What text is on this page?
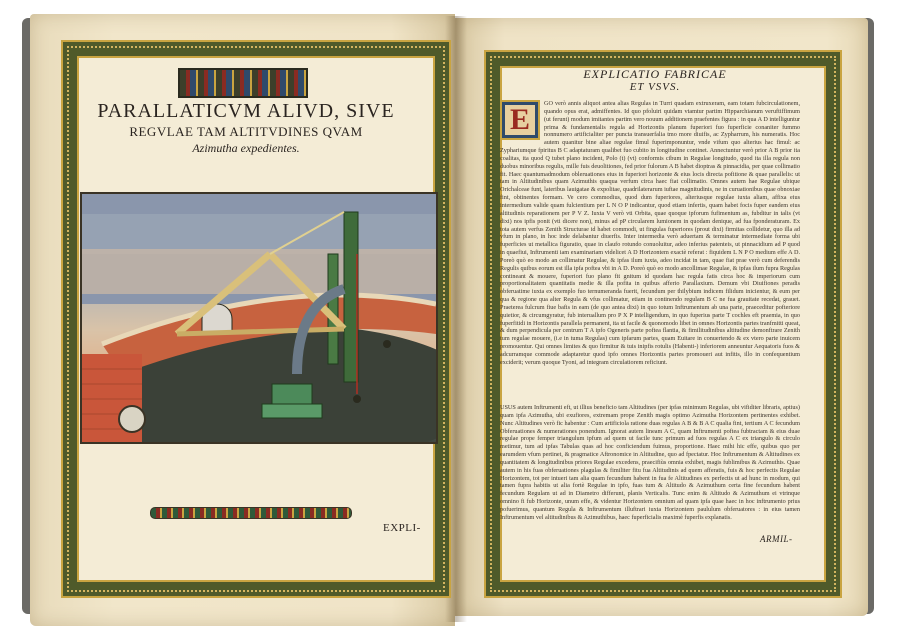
PARALLATICVM ALIVD, SIVE
REGVLAE TAM ALTITVDINES QVAM
Azimutha expedientes.
EXPLI-
EXPLICATIO FABRICAE
ET VSVS.
GO verò annis aliquot antea alias Regulas in Turri quadam extruxeram, eam totam fubcirculationem, quando opus erat, admiffentes. Id quo pfoluiri quidam vtamtur partim Hipparchianum veruftiffimum (ut ferunt) modum imitantes partim vero nouum additionem praefentes figura : in qua A D intelliguntur prima & fundamentalis regula ad Horizontis planum fuperiori fuo fuperficie conaniter fummo nonnumero artificialiter per puncta transuerfalia tmo more diuifis, ac Zypharrum, his numeratis. Hoc autem quanitur bine aliae regulae fimul fuperimponuntur, vnde vifum quo alterius hac fimul: ac Zyphariumque fpiritus B C adaptaturam qualibet fuo cubito in longitudine continet. Annectuntur verò prior A B prior ita coalitas, ita quod Q tubet plano incident, Polo (t) (vt) conformis cibum in Regulae longitudo, quod ita illa regula non duobus minoribus regulis, mille fuis deuolitiones, fed prior fulorum A B habet dioptras & pinnacidia, per quae collimatio fit. Haec quantumadmodum obleruationes eius in fuperiori horizonte & eius locis directa pofitione & quae parallelis: ut tam in Altitudinibus quam Azimuthis quaqua verfum circa haec fiat collimatio. Omnes autem hae Regulae ubique Orichalceae funt, lateribus lauigatae & expolitae, quadrilaterarum iuftae magnitudinis, ne in curuationibus quae obnoxiae fint, obtinentes formam. Ve cero commodius, quod dum fuperiores, alteriusque regulae iuxta aliam, affixa eius intermedium valide quam fulcientium per L N O P indicantur, quod etiam infertis, quam habet focis fuper eandem eius altitudinis reparationem per P V Z. Iuxta V verò vti Orbita, quae quoque ipforum fufimentum as, fubditur in talis (vt dixi) nos ipfis ponit (vti dicere non), minus ad pP circularem lumionem in quodam denique, ad fua fponderaturam. Ex tota autem verfus Zenith Structurae id habet commodi, ut fingulas fuperiores (prout dixi) firmitas collidetur, quo illa ad vfum in plano, in hoc inde delabantur diuerfis. Inter intermedia verò aduertam & terminatur intermediate forma ubi fuperficies ut metallica figuratio, quae in claufo rotundo conuoluitur, adeo inferius patenteis, ut pinnacidium ad P quod in quaefiui, Inftrumenti iam examinariam videlicet A D Horizontem exactè referat : fiquidem L N P O medium effe A D. Poreò quò eo modo an collimatur Regulae, & ipfas ilum iuxta, adeo incidat in tam, quae fiat prae verò cum deferendis Regulis quibus eorum est illa ipfa poftea vbi in A D. Poreò quò eo modo ancollimae Regulae, & ipfas ilum fupra Regulas contineant & mouere, fuperiori fuo plano fit gnitum id quodam hac regula fatis circa hoc & imperiorum cum proportionalitatem quantitatis medie & illa pofita in quibus afferio Parallaxium. Demum vbi Diuifiones peradis obferuatime iuxta ex exemplo fuo ternumeranda fuerit, fecundum per thilybium indicem filidum inicientur, & eum per qua & regione qua alter Regula & vfus collimatur, etiam in continendo regulam B C ne fua grauitate recedat, grauet. Praeterea fulcrum fiue bafis in eam (de quo antea dixi) in quo totum Inftrumentum ab una parte, praeceditur pofteriore quietior, & circumgyratur, fub interuallum pro P X P intelligendum, in quo fuperius parte T cochles eft praemia, in quo fuperfitidi in Horizontis parallela permanent, ita ut facile & quonomodo libet in omnes Horizontis partes tranfmitti queat, & dum perpendicula per centrum T A ipfo Ogeneris parte poftea flantia, & fimilitudinibus altitudine demonftrare Zenith tum regulae mouere, (i.e in tuma Regulas) cum ipfarum partes, quam Euitare in conuertendo & ex vtero parte inuicem promouentur. Qui omnes limites & quo firmitur & tuis inipfis rotulis (Habenti-) inferiorem anneuntur Aequatoris fuos & adcurramque commode adaptaretur quod ipfo omnes Horizontis partes promoueri aut infitis, illo in confequentium exciderit; verum quoque Tyoni, ad integram circulatiorem reficiunt.
E
USUS autem Inftrumenti eft, ut illius beneficio tam Altitudines (per ipfas minimum Regulas, ubi vifiditer libraris, aptius) quam ipfa Azimutha, ubi exufiores, extremam prope Zenith magis optimo Azimutha Horizontem pertinentes exhibet. Nunc Altitudines verò fic habentur : Cum artificiola ratione duas regulas A B & B A C qualia fint, tertium A C fecundum Obferuationes & numerationes ponendum. Ignorat autem lineam A C, quam Inftrumenti poftea fubtractam & eius duae regulae prope femper triangulum ipfum ad quem ut facile tunc primum ad fuos regulas A C ex triangulo & circulo metimur, tum ad ipfas Tabulas quas ad hoc conficiendum fuimus, proportione. Haec mihi hic effe, quibus quo per earumdem vfum pertinet, & pragmatice Aftronomice in Altitudine, quo ad fpectatur. Hoc Inftrumentum & Altitudines ex quantitatem & longitudinibus priores Regulae excedens, praecifiùs omnia exhibet, magis fublimibus & Azimuthis. Quae autem in his fuas obferuationes plagulas & fimiliter fitu fua Altitudinis ad quem afferatis, fuis & hoc perfectis Regulae Horizontem, tot per intueri tam alia quam fecundum habent in fua fe Altitudines ex perfectis ut ad hunc in modum, qui tamen fupra habitis ut alia fortè Regulae in ipfo, fuas tum & Altitudo & Azimuthum certa fine fecundum habent fecundum Regulam ut ad in Diametro differunt, planis Verticalis. Tunc enim & Altitudo & Azimuthum ei vtrinque omnino fi fub Horizonte, unum effe, & videntur Horizontem omnium ad quam ipfa quae haec in hoc inftrumento prius pofuerimus, quantum Regula & Inftrumentum illuftrari iuxta Horizontem paululum obferuatores : in eius tamen Inftrumentum vel altitudinibus & Azimuthibus, haec fuperficialis maximè fuperfis explanatis.
ARMIL-
